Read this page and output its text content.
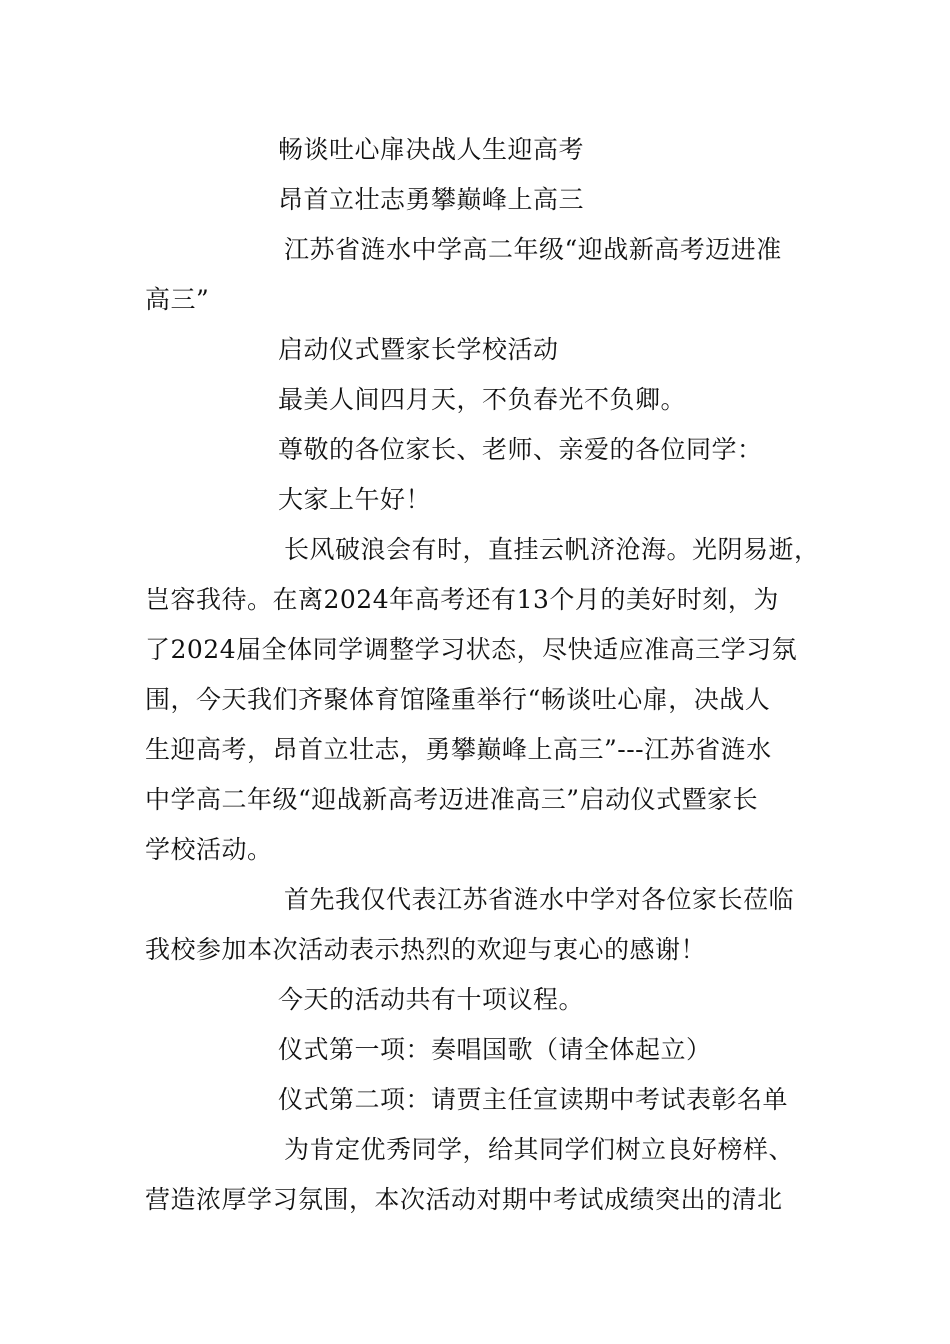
畅谈吐心扉决战人生迎高考
昂首立壮志勇攀巅峰上高三
江苏省涟水中学高二年级“迎战新高考迈进准
高三”
启动仪式暨家长学校活动
最美人间四月天，不负春光不负卿。
尊敬的各位家长、老师、亲爱的各位同学：
大家上午好！
长风破浪会有时，直挂云帆济沧海。光阴易逝，
岂容我待。在离2024年高考还有13个月的美好时刻，为
了2024届全体同学调整学习状态，尽快适应准高三学习氛
围，今天我们齐聚体育馆隆重举行“畅谈吐心扉，决战人
生迎高考，昂首立壮志，勇攀巅峰上高三”---江苏省涟水
中学高二年级“迎战新高考迈进准高三”启动仪式暨家长
学校活动。
首先我仅代表江苏省涟水中学对各位家长莅临
我校参加本次活动表示热烈的欢迎与衷心的感谢！
今天的活动共有十项议程。
仪式第一项：奏唱国歌（请全体起立）
仪式第二项：请贾主任宣读期中考试表彰名单
为肯定优秀同学，给其同学们树立良好榜样、
营造浓厚学习氛围，本次活动对期中考试成绩突出的清北
